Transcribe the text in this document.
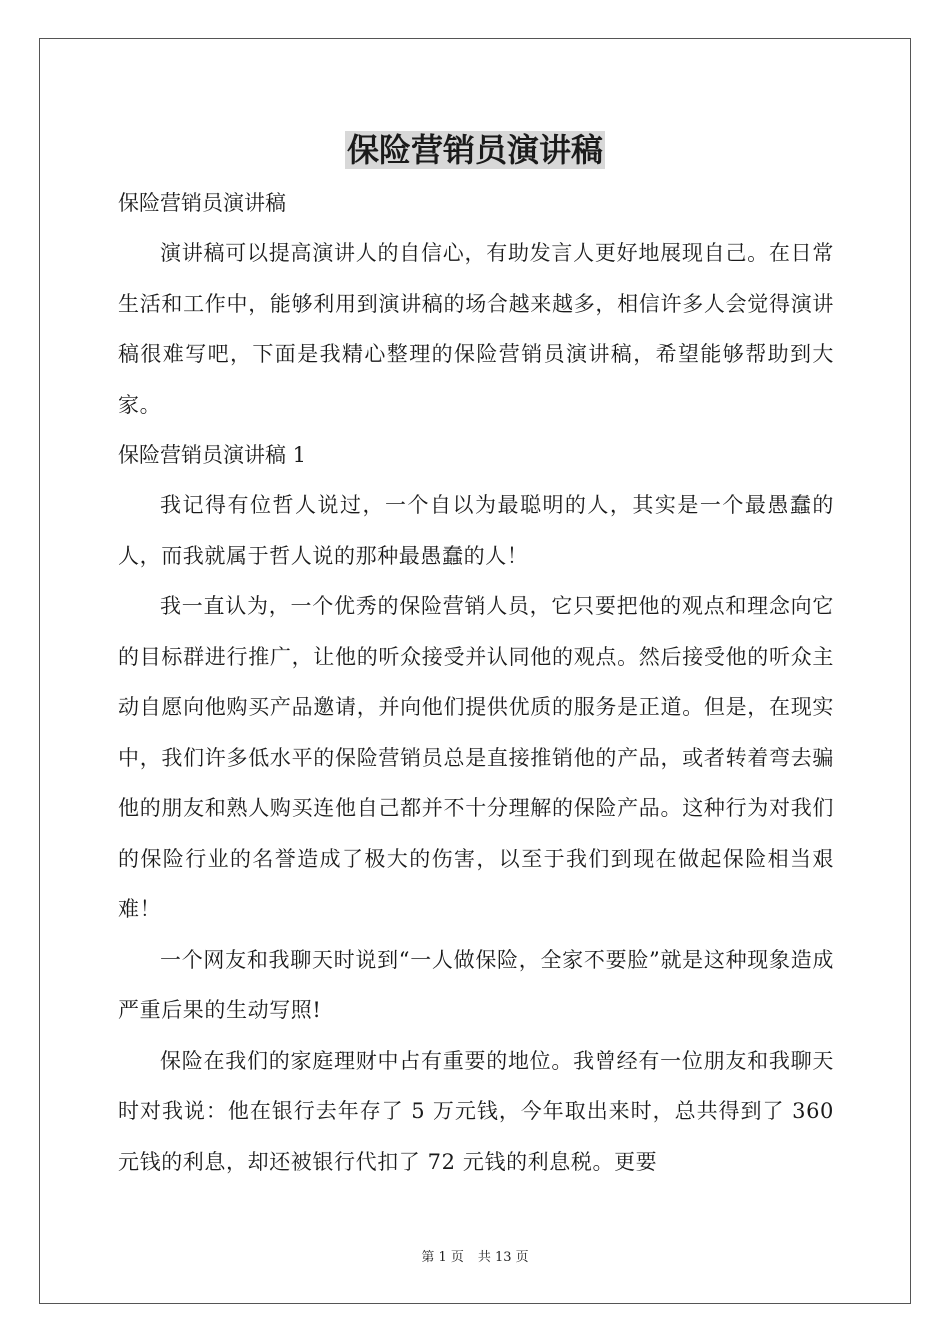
保险营销员演讲稿
保险营销员演讲稿

演讲稿可以提高演讲人的自信心，有助发言人更好地展现自己。在日常生活和工作中，能够利用到演讲稿的场合越来越多，相信许多人会觉得演讲稿很难写吧，下面是我精心整理的保险营销员演讲稿，希望能够帮助到大家。

保险营销员演讲稿 1

我记得有位哲人说过，一个自以为最聪明的人，其实是一个最愚蠢的人，而我就属于哲人说的那种最愚蠢的人！

我一直认为，一个优秀的保险营销人员，它只要把他的观点和理念向它的目标群进行推广，让他的听众接受并认同他的观点。然后接受他的听众主动自愿向他购买产品邀请，并向他们提供优质的服务是正道。但是，在现实中，我们许多低水平的保险营销员总是直接推销他的产品，或者转着弯去骗他的朋友和熟人购买连他自己都并不十分理解的保险产品。这种行为对我们的保险行业的名誉造成了极大的伤害，以至于我们到现在做起保险相当艰难！

一个网友和我聊天时说到“一人做保险，全家不要脸”就是这种现象造成严重后果的生动写照!

保险在我们的家庭理财中占有重要的地位。我曾经有一位朋友和我聊天时对我说：他在银行去年存了 5 万元钱，今年取出来时，总共得到了 360 元钱的利息，却还被银行代扣了 72 元钱的利息税。更要

第 1 页 共 13 页
